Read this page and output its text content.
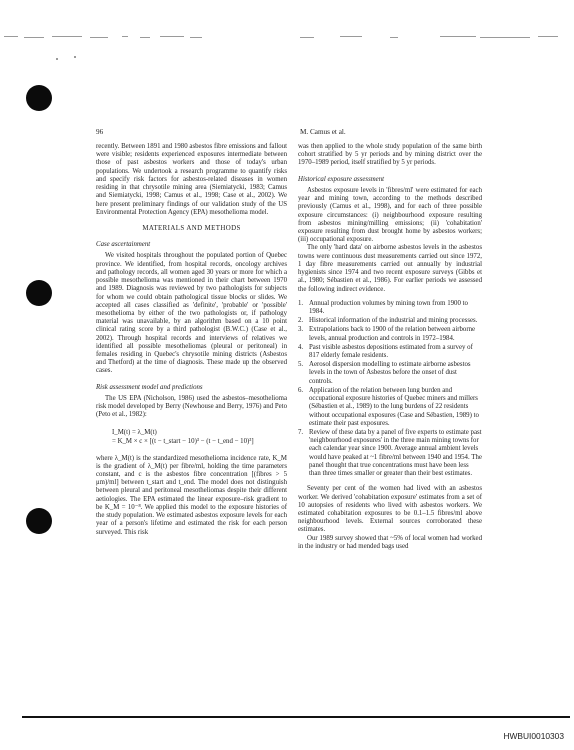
96	M. Camus et al.

recently. Between 1891 and 1980 asbestos fibre emissions and fallout were visible; residents experienced exposures intermediate between those of past asbestos workers and those of today's urban populations. We undertook a research programme to quantify risks and specify risk factors for asbestos-related diseases in women residing in that chrysotile mining area (Siemiatycki, 1983; Camus and Siemiatycki, 1998; Camus et al., 1998; Case et al., 2002). We here present preliminary findings of our validation study of the US Environmental Protection Agency (EPA) mesothelioma model.

MATERIALS AND METHODS

Case ascertainment

We visited hospitals throughout the populated portion of Quebec province. We identified, from hospital records, oncology archives and pathology records, all women aged 30 years or more for which a possible mesothelioma was mentioned in their chart between 1970 and 1989. Diagnosis was reviewed by two pathologists for subjects for whom we could obtain pathological tissue blocks or slides. We accepted all cases classified as 'definite', 'probable' or 'possible' mesothelioma by either of the two pathologists or, if pathology material was unavailable, by an algorithm based on a 10 point clinical rating score by a third pathologist (B.W.C.) (Case et al., 2002). Through hospital records and interviews of relatives we identified all possible mesotheliomas (pleural or peritoneal) in females residing in Quebec's chrysotile mining districts (Asbestos and Thetford) at the time of diagnosis. These made up the observed cases.

Risk assessment model and predictions

The US EPA (Nicholson, 1986) used the asbestos–mesothelioma risk model developed by Berry (Newhouse and Berry, 1976) and Peto (Peto et al., 1982):

I_M(t) = λ_M(t)
= K_M × c × [(t − t_start − 10)³ − (t − t_end − 10)³]

where λ_M(t) is the standardized mesothelioma incidence rate, K_M is the gradient of λ_M(t) per fibre/ml, holding the time parameters constant, and c is the asbestos fibre concentration [(fibres > 5 μm)/ml] between t_start and t_end. The model does not distinguish between pleural and peritoneal mesotheliomas despite their different aetiologies. The EPA estimated the linear exposure–risk gradient to be K_M = 10⁻⁸. We applied this model to the exposure histories of the study population. We estimated asbestos exposure levels for each year of a person's lifetime and estimated the risk for each person surveyed. This risk

was then applied to the whole study population of the same birth cohort stratified by 5 yr periods and by mining district over the 1970–1989 period, itself stratified by 5 yr periods.

Historical exposure assessment

Asbestos exposure levels in 'fibres/ml' were estimated for each year and mining town, according to the methods described previously (Camus et al., 1998), and for each of three possible exposure circumstances: (i) neighbourhood exposure resulting from asbestos mining/milling emissions; (ii) 'cohabitation' exposure resulting from dust brought home by asbestos workers; (iii) occupational exposure.

The only 'hard data' on airborne asbestos levels in the asbestos towns were continuous dust measurements carried out since 1972, 1 day fibre measurements carried out annually by industrial hygienists since 1974 and two recent exposure surveys (Gibbs et al., 1980; Sébastien et al., 1986). For earlier periods we assessed the following indirect evidence.

1. Annual production volumes by mining town from 1900 to 1984.
2. Historical information of the industrial and mining processes.
3. Extrapolations back to 1900 of the relation between airborne levels, annual production and controls in 1972–1984.
4. Past visible asbestos depositions estimated from a survey of 817 elderly female residents.
5. Aerosol dispersion modelling to estimate airborne asbestos levels in the town of Asbestos before the onset of dust controls.
6. Application of the relation between lung burden and occupational exposure histories of Quebec miners and millers (Sébastien et al., 1989) to the lung burdens of 22 residents without occupational exposures (Case and Sébastien, 1989) to estimate their past exposures.
7. Review of these data by a panel of five experts to estimate past 'neighbourhood exposures' in the three main mining towns for each calendar year since 1900. Average annual ambient levels would have peaked at ~1 fibre/ml between 1940 and 1954. The panel thought that true concentrations must have been less than three times smaller or greater than their best estimates.

Seventy per cent of the women had lived with an asbestos worker. We derived 'cohabitation exposure' estimates from a set of 10 autopsies of residents who lived with asbestos workers. We estimated cohabitation exposures to be 0.1–1.5 fibres/ml above neighbourhood levels. External sources corroborated these estimates.

Our 1989 survey showed that ~5% of local women had worked in the industry or had mended bags used

HWBUI0010303
